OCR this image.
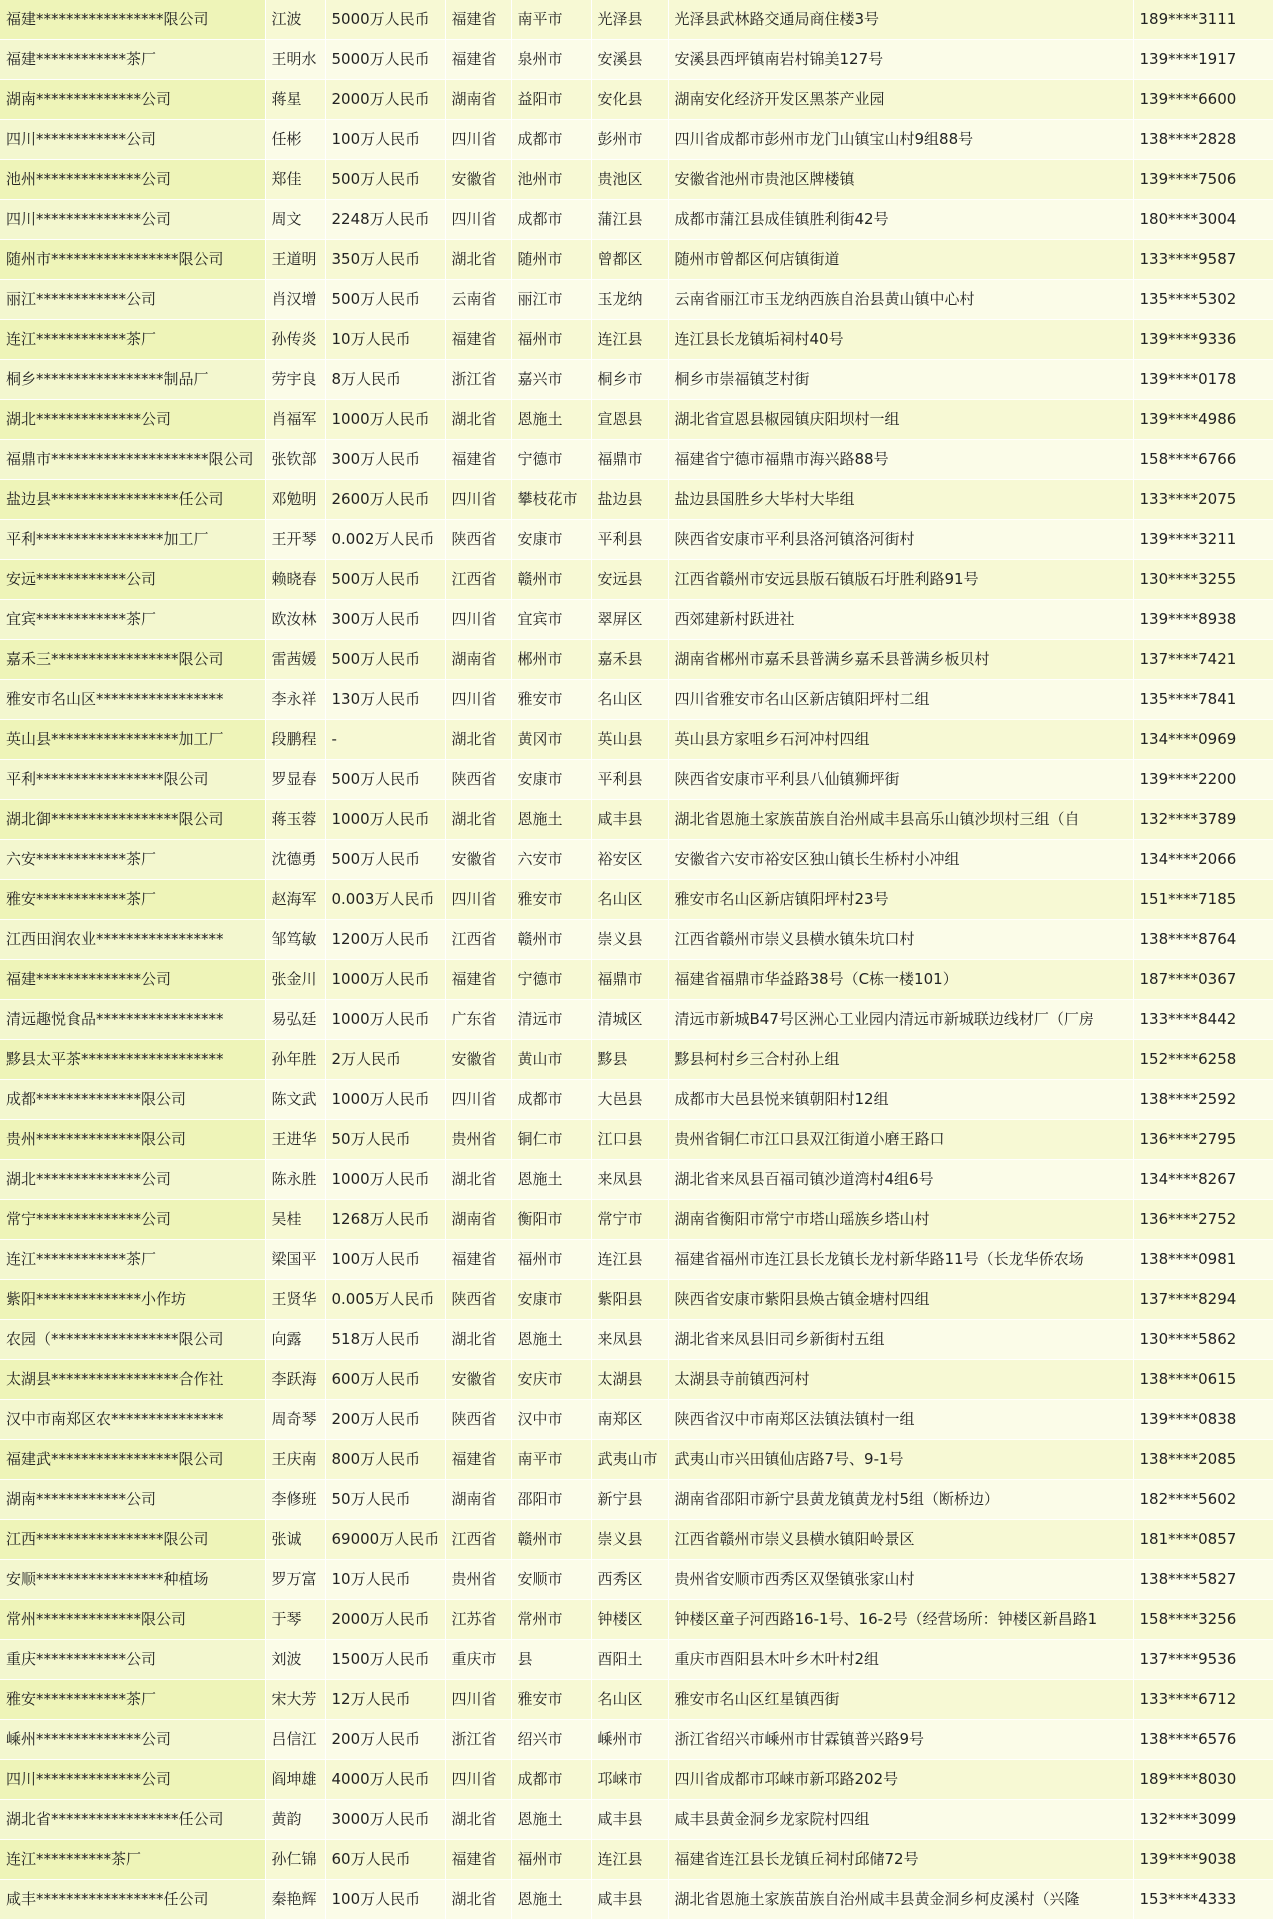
福建*****************限公司	江波	5000万人民币	福建省	南平市	光泽县	光泽县武林路交通局商住楼3号	189****3111
福建************茶厂	王明水	5000万人民币	福建省	泉州市	安溪县	安溪县西坪镇南岩村锦美127号	139****1917
湖南**************公司	蒋星	2000万人民币	湖南省	益阳市	安化县	湖南安化经济开发区黑茶产业园	139****6600
四川************公司	任彬	100万人民币	四川省	成都市	彭州市	四川省成都市彭州市龙门山镇宝山村9组88号	138****2828
池州**************公司	郑佳	500万人民币	安徽省	池州市	贵池区	安徽省池州市贵池区牌楼镇	139****7506
四川**************公司	周文	2248万人民币	四川省	成都市	蒲江县	成都市蒲江县成佳镇胜利街42号	180****3004
随州市*****************限公司	王道明	350万人民币	湖北省	随州市	曾都区	随州市曾都区何店镇街道	133****9587
丽江************公司	肖汉增	500万人民币	云南省	丽江市	玉龙纳	云南省丽江市玉龙纳西族自治县黄山镇中心村	135****5302
连江************茶厂	孙传炎	10万人民币	福建省	福州市	连江县	连江县长龙镇垢祠村40号	139****9336
桐乡*****************制品厂	劳宇良	8万人民币	浙江省	嘉兴市	桐乡市	桐乡市崇福镇芝村街	139****0178
湖北**************公司	肖福军	1000万人民币	湖北省	恩施土	宣恩县	湖北省宣恩县椒园镇庆阳坝村一组	139****4986
福鼎市*********************限公司	张钦部	300万人民币	福建省	宁德市	福鼎市	福建省宁德市福鼎市海兴路88号	158****6766
盐边县*****************任公司	邓勉明	2600万人民币	四川省	攀枝花市	盐边县	盐边县国胜乡大毕村大毕组	133****2075
平利*****************加工厂	王开琴	0.002万人民币	陕西省	安康市	平利县	陕西省安康市平利县洛河镇洛河街村	139****3211
安远************公司	赖晓春	500万人民币	江西省	赣州市	安远县	江西省赣州市安远县版石镇版石圩胜利路91号	130****3255
宜宾************茶厂	欧汝林	300万人民币	四川省	宜宾市	翠屏区	西郊建新村跃进社	139****8938
嘉禾三*****************限公司	雷茜媛	500万人民币	湖南省	郴州市	嘉禾县	湖南省郴州市嘉禾县普满乡嘉禾县普满乡板贝村	137****7421
雅安市名山区*****************	李永祥	130万人民币	四川省	雅安市	名山区	四川省雅安市名山区新店镇阳坪村二组	135****7841
英山县*****************加工厂	段鹏程	-	湖北省	黄冈市	英山县	英山县方家咀乡石河冲村四组	134****0969
平利*****************限公司	罗显春	500万人民币	陕西省	安康市	平利县	陕西省安康市平利县八仙镇狮坪街	139****2200
湖北御*****************限公司	蒋玉蓉	1000万人民币	湖北省	恩施土	咸丰县	湖北省恩施土家族苗族自治州咸丰县高乐山镇沙坝村三组（自	132****3789
六安************茶厂	沈德勇	500万人民币	安徽省	六安市	裕安区	安徽省六安市裕安区独山镇长生桥村小冲组	134****2066
雅安************茶厂	赵海军	0.003万人民币	四川省	雅安市	名山区	雅安市名山区新店镇阳坪村23号	151****7185
江西田润农业*****************	邹笃敏	1200万人民币	江西省	赣州市	崇义县	江西省赣州市崇义县横水镇朱坑口村	138****8764
福建**************公司	张金川	1000万人民币	福建省	宁德市	福鼎市	福建省福鼎市华益路38号（C栋一楼101）	187****0367
清远趣悦食品*****************	易弘廷	1000万人民币	广东省	清远市	清城区	清远市新城B47号区洲心工业园内清远市新城联边线材厂（厂房	133****8442
黟县太平茶*******************	孙年胜	2万人民币	安徽省	黄山市	黟县	黟县柯村乡三合村孙上组	152****6258
成都**************限公司	陈文武	1000万人民币	四川省	成都市	大邑县	成都市大邑县悦来镇朝阳村12组	138****2592
贵州**************限公司	王进华	50万人民币	贵州省	铜仁市	江口县	贵州省铜仁市江口县双江街道小磨王路口	136****2795
湖北**************公司	陈永胜	1000万人民币	湖北省	恩施土	来凤县	湖北省来凤县百福司镇沙道湾村4组6号	134****8267
常宁**************公司	吴桂	1268万人民币	湖南省	衡阳市	常宁市	湖南省衡阳市常宁市塔山瑶族乡塔山村	136****2752
连江************茶厂	梁国平	100万人民币	福建省	福州市	连江县	福建省福州市连江县长龙镇长龙村新华路11号（长龙华侨农场	138****0981
紫阳**************小作坊	王贤华	0.005万人民币	陕西省	安康市	紫阳县	陕西省安康市紫阳县焕古镇金塘村四组	137****8294
农园（*****************限公司	向露	518万人民币	湖北省	恩施土	来凤县	湖北省来凤县旧司乡新街村五组	130****5862
太湖县*****************合作社	李跃海	600万人民币	安徽省	安庆市	太湖县	太湖县寺前镇西河村	138****0615
汉中市南郑区农***************	周奇琴	200万人民币	陕西省	汉中市	南郑区	陕西省汉中市南郑区法镇法镇村一组	139****0838
福建武*****************限公司	王庆南	800万人民币	福建省	南平市	武夷山市	武夷山市兴田镇仙店路7号、9-1号	138****2085
湖南************公司	李修班	50万人民币	湖南省	邵阳市	新宁县	湖南省邵阳市新宁县黄龙镇黄龙村5组（断桥边）	182****5602
江西*****************限公司	张诚	69000万人民币	江西省	赣州市	崇义县	江西省赣州市崇义县横水镇阳岭景区	181****0857
安顺*****************种植场	罗万富	10万人民币	贵州省	安顺市	西秀区	贵州省安顺市西秀区双堡镇张家山村	138****5827
常州**************限公司	于琴	2000万人民币	江苏省	常州市	钟楼区	钟楼区童子河西路16-1号、16-2号（经营场所：钟楼区新昌路1	158****3256
重庆************公司	刘波	1500万人民币	重庆市	县	酉阳土	重庆市酉阳县木叶乡木叶村2组	137****9536
雅安************茶厂	宋大芳	12万人民币	四川省	雅安市	名山区	雅安市名山区红星镇西街	133****6712
嵊州**************公司	吕信江	200万人民币	浙江省	绍兴市	嵊州市	浙江省绍兴市嵊州市甘霖镇普兴路9号	138****6576
四川**************公司	阎坤雄	4000万人民币	四川省	成都市	邛崃市	四川省成都市邛崃市新邛路202号	189****8030
湖北省*****************任公司	黄韵	3000万人民币	湖北省	恩施土	咸丰县	咸丰县黄金洞乡龙家院村四组	132****3099
连江**********茶厂	孙仁锦	60万人民币	福建省	福州市	连江县	福建省连江县长龙镇丘祠村邱储72号	139****9038
咸丰*****************任公司	秦艳辉	100万人民币	湖北省	恩施土	咸丰县	湖北省恩施土家族苗族自治州咸丰县黄金洞乡柯皮溪村（兴隆	153****4333
